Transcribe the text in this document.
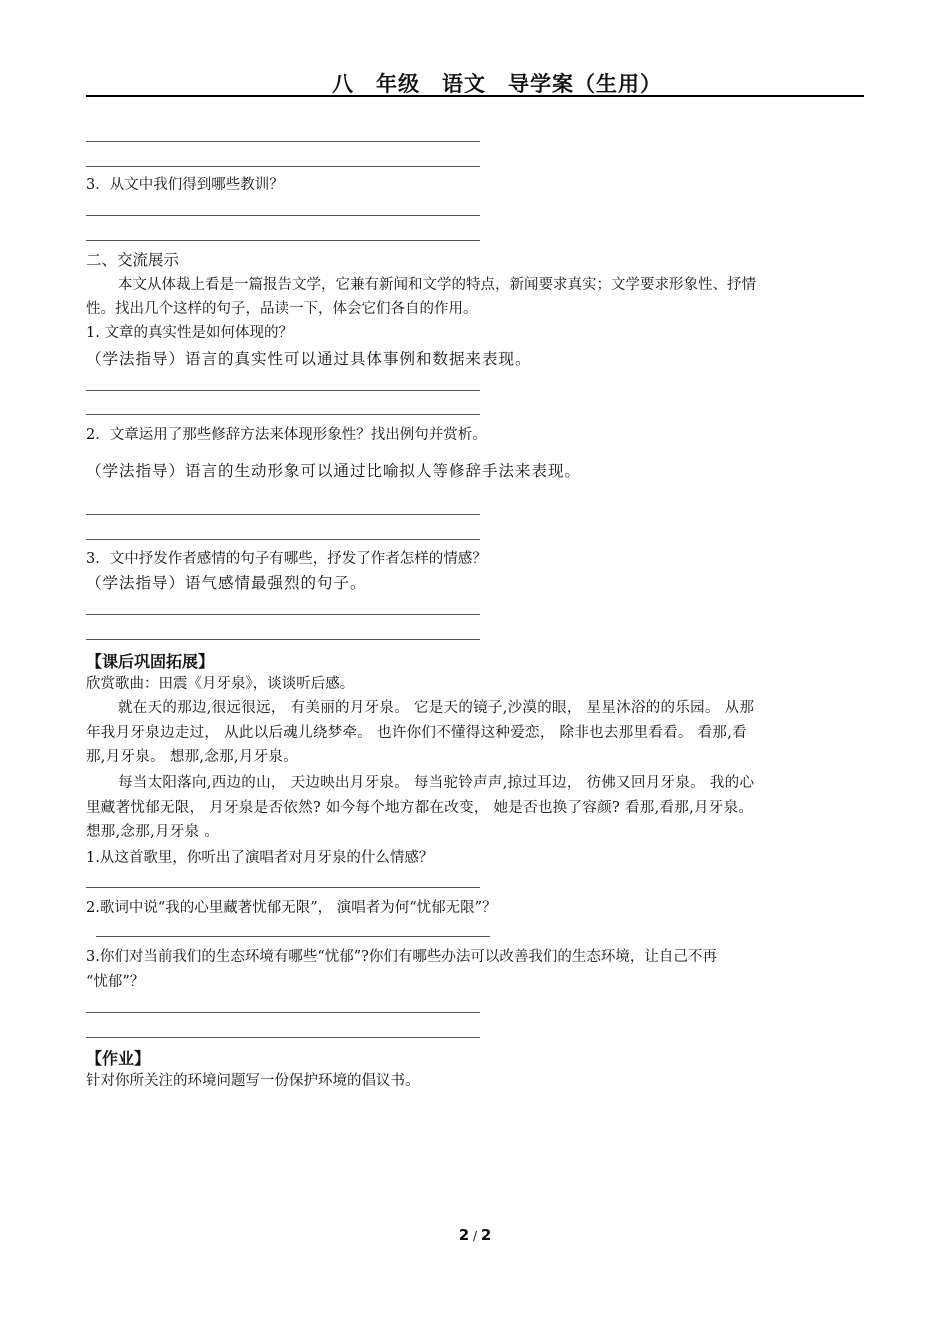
　　八　年级　 语文　导学案（生用）
3．从文中我们得到哪些教训？
二、交流展示
本文从体裁上看是一篇报告文学，它兼有新闻和文学的特点，新闻要求真实；文学要求形象性、抒情
性。找出几个这样的句子，品读一下，体会它们各自的作用。
1. 文章的真实性是如何体现的？
（学法指导）语言的真实性可以通过具体事例和数据来表现。
2．文章运用了那些修辞方法来体现形象性？找出例句并赏析。
（学法指导）语言的生动形象可以通过比喻拟人等修辞手法来表现。
3．文中抒发作者感情的句子有哪些，抒发了作者怎样的情感？
（学法指导）语气感情最强烈的句子。
【课后巩固拓展】
欣赏歌曲：田震《月牙泉》，谈谈听后感。
就在天的那边,很远很远， 有美丽的月牙泉。 它是天的镜子,沙漠的眼， 星星沐浴的的乐园。 从那
年我月牙泉边走过， 从此以后魂儿绕梦牵。 也许你们不懂得这种爱恋， 除非也去那里看看。 看那,看
那,月牙泉。 想那,念那,月牙泉。
每当太阳落向,西边的山， 天边映出月牙泉。 每当驼铃声声,掠过耳边， 彷佛又回月牙泉。 我的心
里藏著忧郁无限， 月牙泉是否依然? 如今每个地方都在改变， 她是否也换了容颜? 看那,看那,月牙泉。
想那,念那,月牙泉 。
1.从这首歌里，你听出了演唱者对月牙泉的什么情感？
2.歌词中说“我的心里藏著忧郁无限”， 演唱者为何“忧郁无限”？
3.你们对当前我们的生态环境有哪些“忧郁”?你们有哪些办法可以改善我们的生态环境，让自己不再
“忧郁”？
【作业】
针对你所关注的环境问题写一份保护环境的倡议书。
2 / 2
